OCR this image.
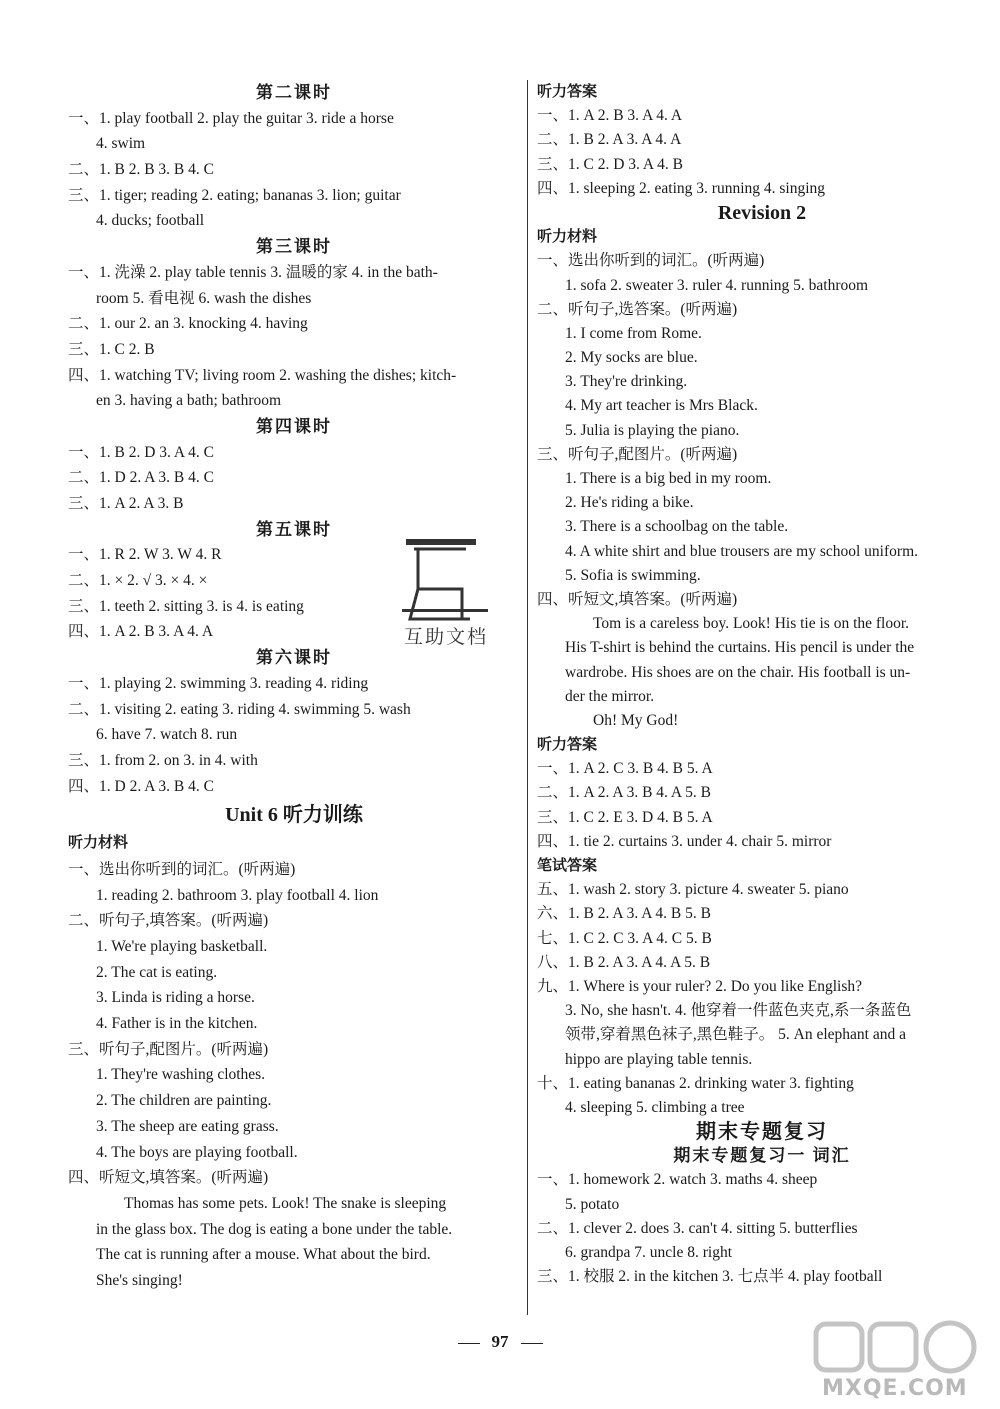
第二课时
一、1. play football 2. play the guitar 3. ride a horse
4. swim
二、1. B 2. B 3. B 4. C
三、1. tiger; reading 2. eating; bananas 3. lion; guitar
4. ducks; football
第三课时
一、1. 洗澡 2. play table tennis 3. 温暖的家 4. in the bath-
room 5. 看电视 6. wash the dishes
二、1. our 2. an 3. knocking 4. having
三、1. C 2. B
四、1. watching TV; living room 2. washing the dishes; kitch-
en 3. having a bath; bathroom
第四课时
一、1. B 2. D 3. A 4. C
二、1. D 2. A 3. B 4. C
三、1. A 2. A 3. B
第五课时
一、1. R 2. W 3. W 4. R
二、1. × 2. √ 3. × 4. ×
三、1. teeth 2. sitting 3. is 4. is eating
四、1. A 2. B 3. A 4. A
第六课时
一、1. playing 2. swimming 3. reading 4. riding
二、1. visiting 2. eating 3. riding 4. swimming 5. wash
6. have 7. watch 8. run
三、1. from 2. on 3. in 4. with
四、1. D 2. A 3. B 4. C
Unit 6 听力训练
听力材料
一、选出你听到的词汇。(听两遍)
1. reading 2. bathroom 3. play football 4. lion
二、听句子,填答案。(听两遍)
1. We're playing basketball.
2. The cat is eating.
3. Linda is riding a horse.
4. Father is in the kitchen.
三、听句子,配图片。(听两遍)
1. They're washing clothes.
2. The children are painting.
3. The sheep are eating grass.
4. The boys are playing football.
四、听短文,填答案。(听两遍)
Thomas has some pets. Look! The snake is sleeping
in the glass box. The dog is eating a bone under the table.
The cat is running after a mouse. What about the bird.
She's singing!
听力答案
一、1. A 2. B 3. A 4. A
二、1. B 2. A 3. A 4. A
三、1. C 2. D 3. A 4. B
四、1. sleeping 2. eating 3. running 4. singing
Revision 2
听力材料
一、选出你听到的词汇。(听两遍)
1. sofa 2. sweater 3. ruler 4. running 5. bathroom
二、听句子,选答案。(听两遍)
1. I come from Rome.
2. My socks are blue.
3. They're drinking.
4. My art teacher is Mrs Black.
5. Julia is playing the piano.
三、听句子,配图片。(听两遍)
1. There is a big bed in my room.
2. He's riding a bike.
3. There is a schoolbag on the table.
4. A white shirt and blue trousers are my school uniform.
5. Sofia is swimming.
四、听短文,填答案。(听两遍)
Tom is a careless boy. Look! His tie is on the floor.
His T-shirt is behind the curtains. His pencil is under the
wardrobe. His shoes are on the chair. His football is un-
der the mirror.
Oh! My God!
听力答案
一、1. A 2. C 3. B 4. B 5. A
二、1. A 2. A 3. B 4. A 5. B
三、1. C 2. E 3. D 4. B 5. A
四、1. tie 2. curtains 3. under 4. chair 5. mirror
笔试答案
五、1. wash 2. story 3. picture 4. sweater 5. piano
六、1. B 2. A 3. A 4. B 5. B
七、1. C 2. C 3. A 4. C 5. B
八、1. B 2. A 3. A 4. A 5. B
九、1. Where is your ruler? 2. Do you like English?
3. No, she hasn't. 4. 他穿着一件蓝色夹克,系一条蓝色
领带,穿着黑色袜子,黑色鞋子。 5. An elephant and a
hippo are playing table tennis.
十、1. eating bananas 2. drinking water 3. fighting
4. sleeping 5. climbing a tree
期末专题复习
期末专题复习一 词汇
一、1. homework 2. watch 3. maths 4. sheep
5. potato
二、1. clever 2. does 3. can't 4. sitting 5. butterflies
6. grandpa 7. uncle 8. right
三、1. 校服 2. in the kitchen 3. 七点半 4. play football
互助文档
97
MXQE.COM
